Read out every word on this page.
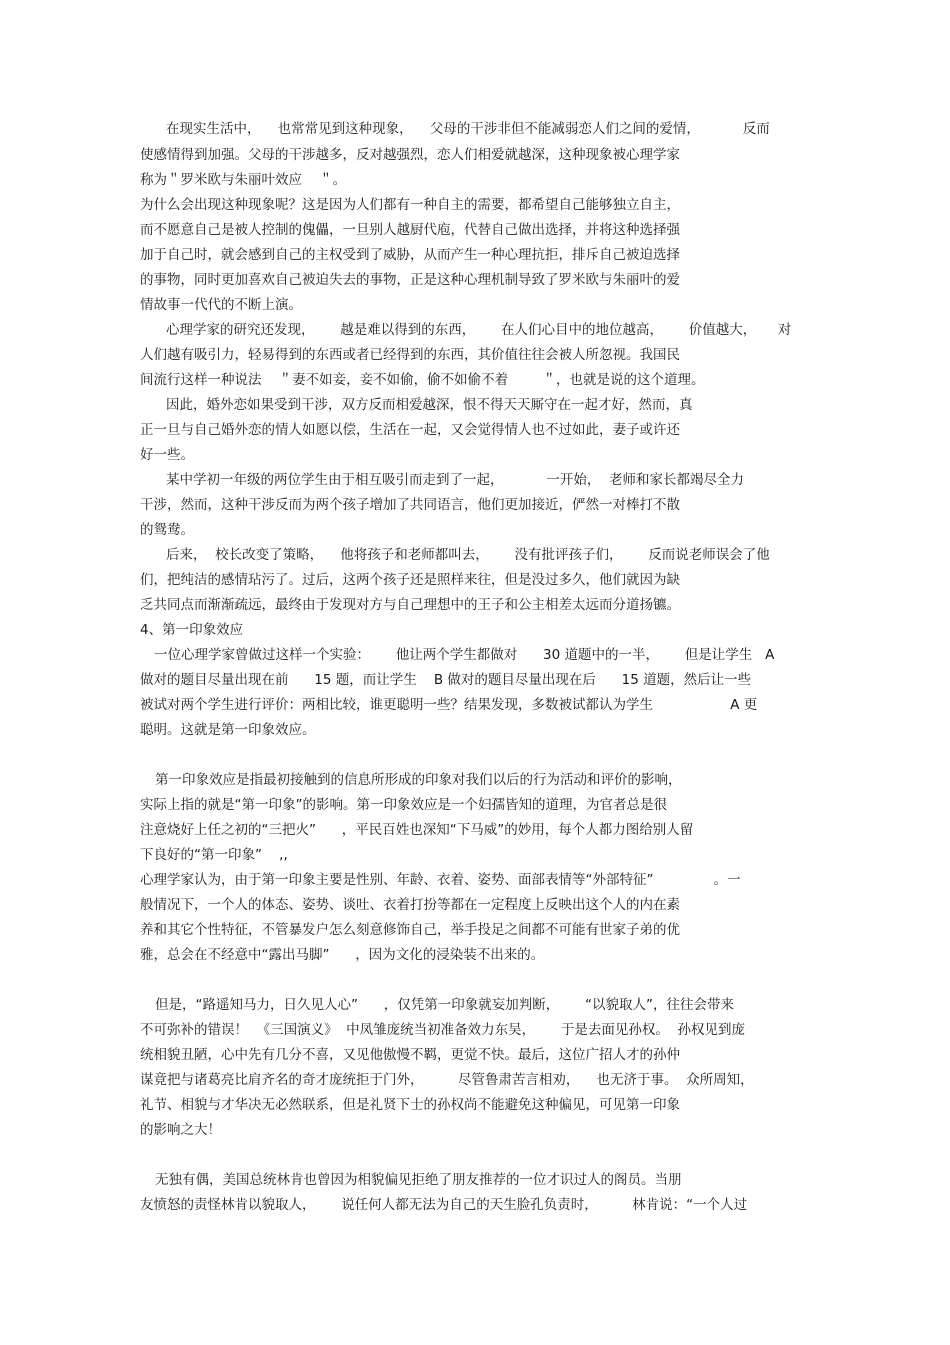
在现实生活中，    也常常见到这种现象，    父母的干涉非但不能减弱恋人们之间的爱情，          反而
使感情得到加强。父母的干涉越多，反对越强烈，恋人们相爱就越深，这种现象被心理学家
称为＂罗米欧与朱丽叶效应    ＂。
为什么会出现这种现象呢？这是因为人们都有一种自主的需要，都希望自己能够独立自主，
而不愿意自己是被人控制的傀儡，一旦别人越厨代庖，代替自己做出选择，并将这种选择强
加于自己时，就会感到自己的主权受到了威胁，从而产生一种心理抗拒，排斥自己被迫选择
的事物，同时更加喜欢自己被迫失去的事物，正是这种心理机制导致了罗米欧与朱丽叶的爱
情故事一代代的不断上演。
心理学家的研究还发现，      越是难以得到的东西，      在人们心目中的地位越高，      价值越大，     对
人们越有吸引力，轻易得到的东西或者已经得到的东西，其价值往往会被人所忽视。我国民
间流行这样一种说法    ＂妻不如妾，妾不如偷，偷不如偷不着        ＂，也就是说的这个道理。
因此，婚外恋如果受到干涉，双方反而相爱越深，恨不得天天厮守在一起才好，然而，真
正一旦与自己婚外恋的情人如愿以偿，生活在一起，又会觉得情人也不过如此，妻子或许还
好一些。
某中学初一年级的两位学生由于相互吸引而走到了一起，          一开始，  老师和家长都竭尽全力
干涉，然而，这种干涉反而为两个孩子增加了共同语言，他们更加接近，俨然一对棒打不散
的鸳鸯。
后来，  校长改变了策略，    他将孩子和老师都叫去，      没有批评孩子们，      反而说老师误会了他
们，把纯洁的感情玷污了。过后，这两个孩子还是照样来往，但是没过多久，他们就因为缺
乏共同点而渐渐疏远，最终由于发现对方与自己理想中的王子和公主相差太远而分道扬镳。
4、第一印象效应
一位心理学家曾做过这样一个实验：      他让两个学生都做对      30 道题中的一半，      但是让学生   A
做对的题目尽量出现在前      15 题，而让学生    B 做对的题目尽量出现在后      15 道题，然后让一些
被试对两个学生进行评价：两相比较，谁更聪明一些？结果发现，多数被试都认为学生                  A 更
聪明。这就是第一印象效应。
第一印象效应是指最初接触到的信息所形成的印象对我们以后的行为活动和评价的影响，
实际上指的就是“第一印象”的影响。第一印象效应是一个妇孺皆知的道理，为官者总是很
注意烧好上任之初的“三把火”      ，平民百姓也深知“下马威”的妙用，每个人都力图给别人留
下良好的“第一印象”    ,,
心理学家认为，由于第一印象主要是性别、年龄、衣着、姿势、面部表情等“外部特征”              。一
般情况下，一个人的体态、姿势、谈吐、衣着打扮等都在一定程度上反映出这个人的内在素
养和其它个性特征，不管暴发户怎么刻意修饰自己，举手投足之间都不可能有世家子弟的优
雅，总会在不经意中“露出马脚”      ，因为文化的浸染装不出来的。
但是，“路遥知马力，日久见人心”      ，仅凭第一印象就妄加判断，      “以貌取人”，往往会带来
不可弥补的错误！  《三国演义》  中凤雏庞统当初准备效力东吴，      于是去面见孙权。  孙权见到庞
统相貌丑陋，心中先有几分不喜，又见他傲慢不羁，更觉不快。最后，这位广招人才的孙仲
谋竟把与诸葛亮比肩齐名的奇才庞统拒于门外，        尽管鲁肃苦言相劝，    也无济于事。  众所周知，
礼节、相貌与才华决无必然联系，但是礼贤下士的孙权尚不能避免这种偏见，可见第一印象
的影响之大！
无独有偶，美国总统林肯也曾因为相貌偏见拒绝了朋友推荐的一位才识过人的阁员。当朋
友愤怒的责怪林肯以貌取人，      说任何人都无法为自己的天生脸孔负责时，        林肯说：“一个人过
